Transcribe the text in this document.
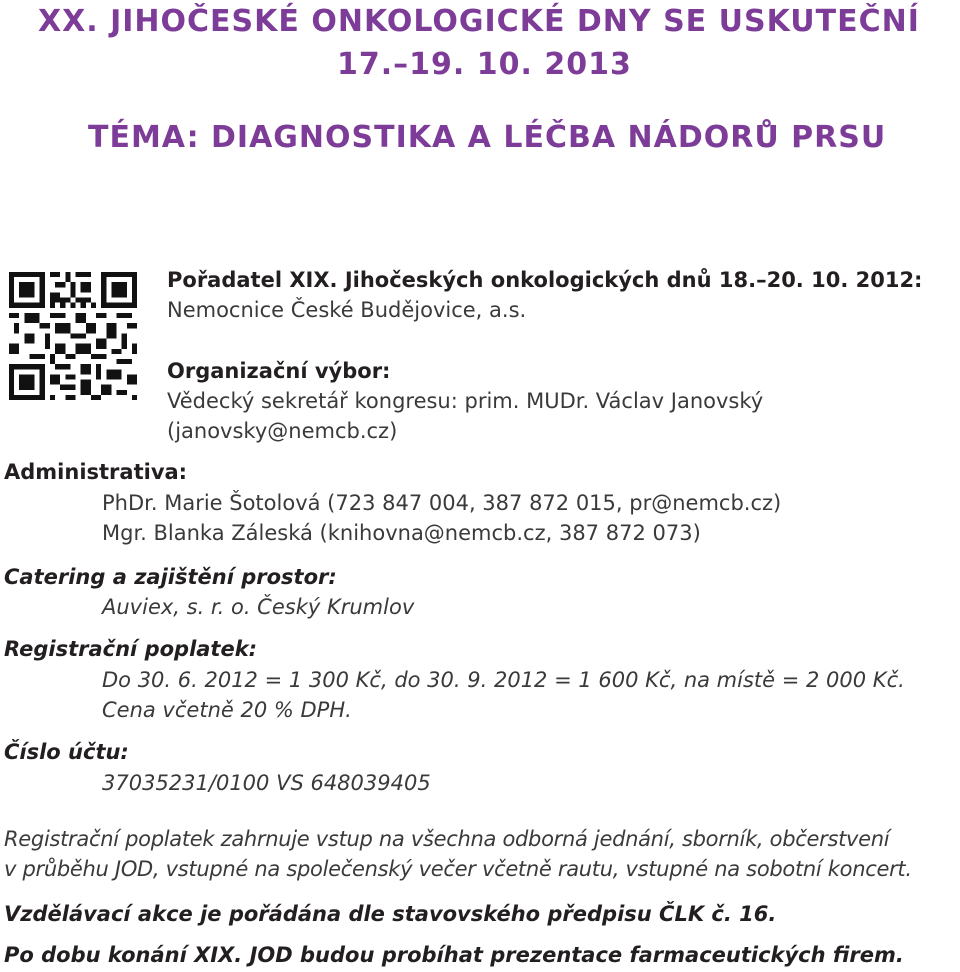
XX. JIHOČESKÉ ONKOLOGICKÉ DNY SE USKUTEČNÍ
17.–19. 10. 2013
TÉMA: DIAGNOSTIKA A LÉČBA NÁDORŮ PRSU
Pořadatel XIX. Jihočeských onkologických dnů 18.–20. 10. 2012:
Nemocnice České Budějovice, a.s.
Organizační výbor:
Vědecký sekretář kongresu: prim. MUDr. Václav Janovský
(janovsky@nemcb.cz)
Administrativa:
PhDr. Marie Šotolová (723 847 004, 387 872 015, pr@nemcb.cz)
Mgr. Blanka Záleská (knihovna@nemcb.cz, 387 872 073)
Catering a zajištění prostor:
Auviex, s. r. o. Český Krumlov
Registrační poplatek:
Do 30. 6. 2012 = 1 300 Kč, do 30. 9. 2012 = 1 600 Kč, na místě = 2 000 Kč.
Cena včetně 20 % DPH.
Číslo účtu:
37035231/0100 VS 648039405
Registrační poplatek zahrnuje vstup na všechna odborná jednání, sborník, občerstvení
v průběhu JOD, vstupné na společenský večer včetně rautu, vstupné na sobotní koncert.
Vzdělávací akce je pořádána dle stavovského předpisu ČLK č. 16.
Po dobu konání XIX. JOD budou probíhat prezentace farmaceutických firem.
